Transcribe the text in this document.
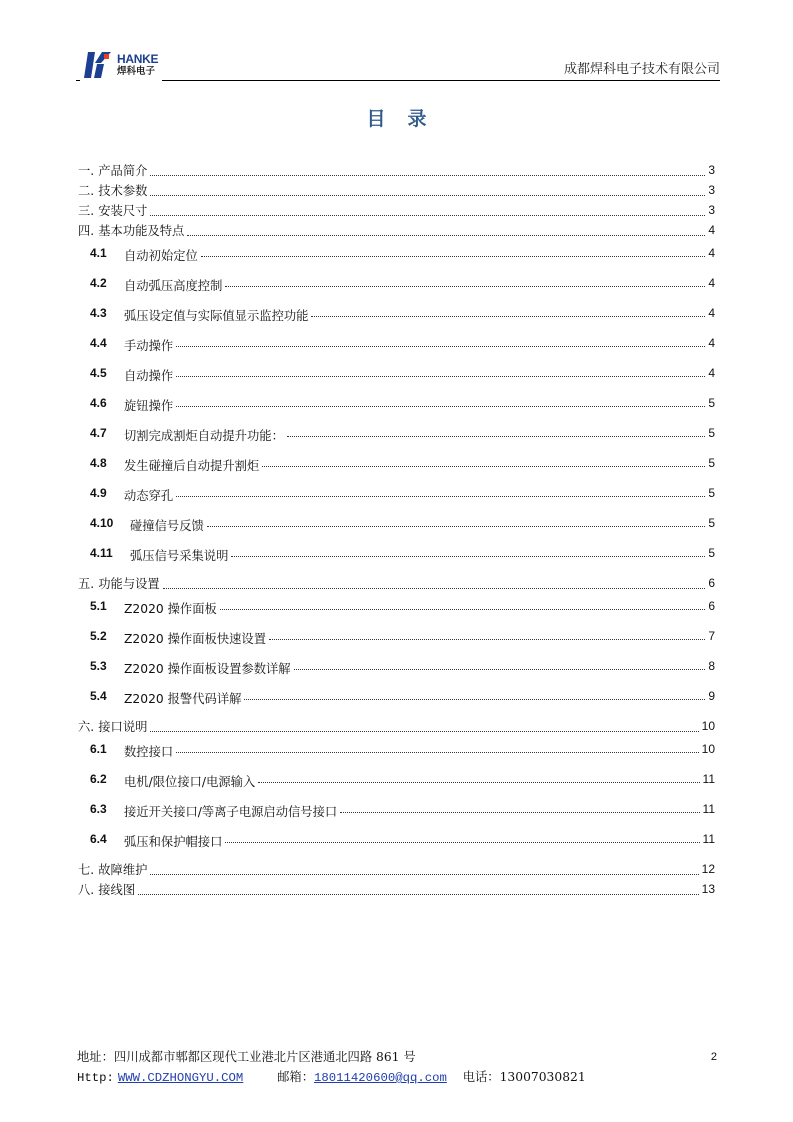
HANKE
焊科电子	成都焊科电子技术有限公司
目录
一. 产品简介	3
二. 技术参数	3
三. 安装尺寸	3
四. 基本功能及特点	4
4.1	自动初始定位	4
4.2	自动弧压高度控制	4
4.3	弧压设定值与实际值显示监控功能	4
4.4	手动操作	4
4.5	自动操作	4
4.6	旋钮操作	5
4.7	切割完成割炬自动提升功能：	5
4.8	发生碰撞后自动提升割炬	5
4.9	动态穿孔	5
4.10	碰撞信号反馈	5
4.11	弧压信号采集说明	5
五. 功能与设置	6
5.1	Z2020 操作面板	6
5.2	Z2020 操作面板快速设置	7
5.3	Z2020 操作面板设置参数详解	8
5.4	Z2020 报警代码详解	9
六. 接口说明	10
6.1	数控接口	10
6.2	电机/限位接口/电源输入	11
6.3	接近开关接口/等离子电源启动信号接口	11
6.4	弧压和保护帽接口	11
七. 故障维护	12
八. 接线图	13
地址：四川成都市郫都区现代工业港北片区港通北四路 861 号
Http: WWW.CDZHONGYU.COM	邮箱：18011420600@qq.com 电话：13007030821
2
